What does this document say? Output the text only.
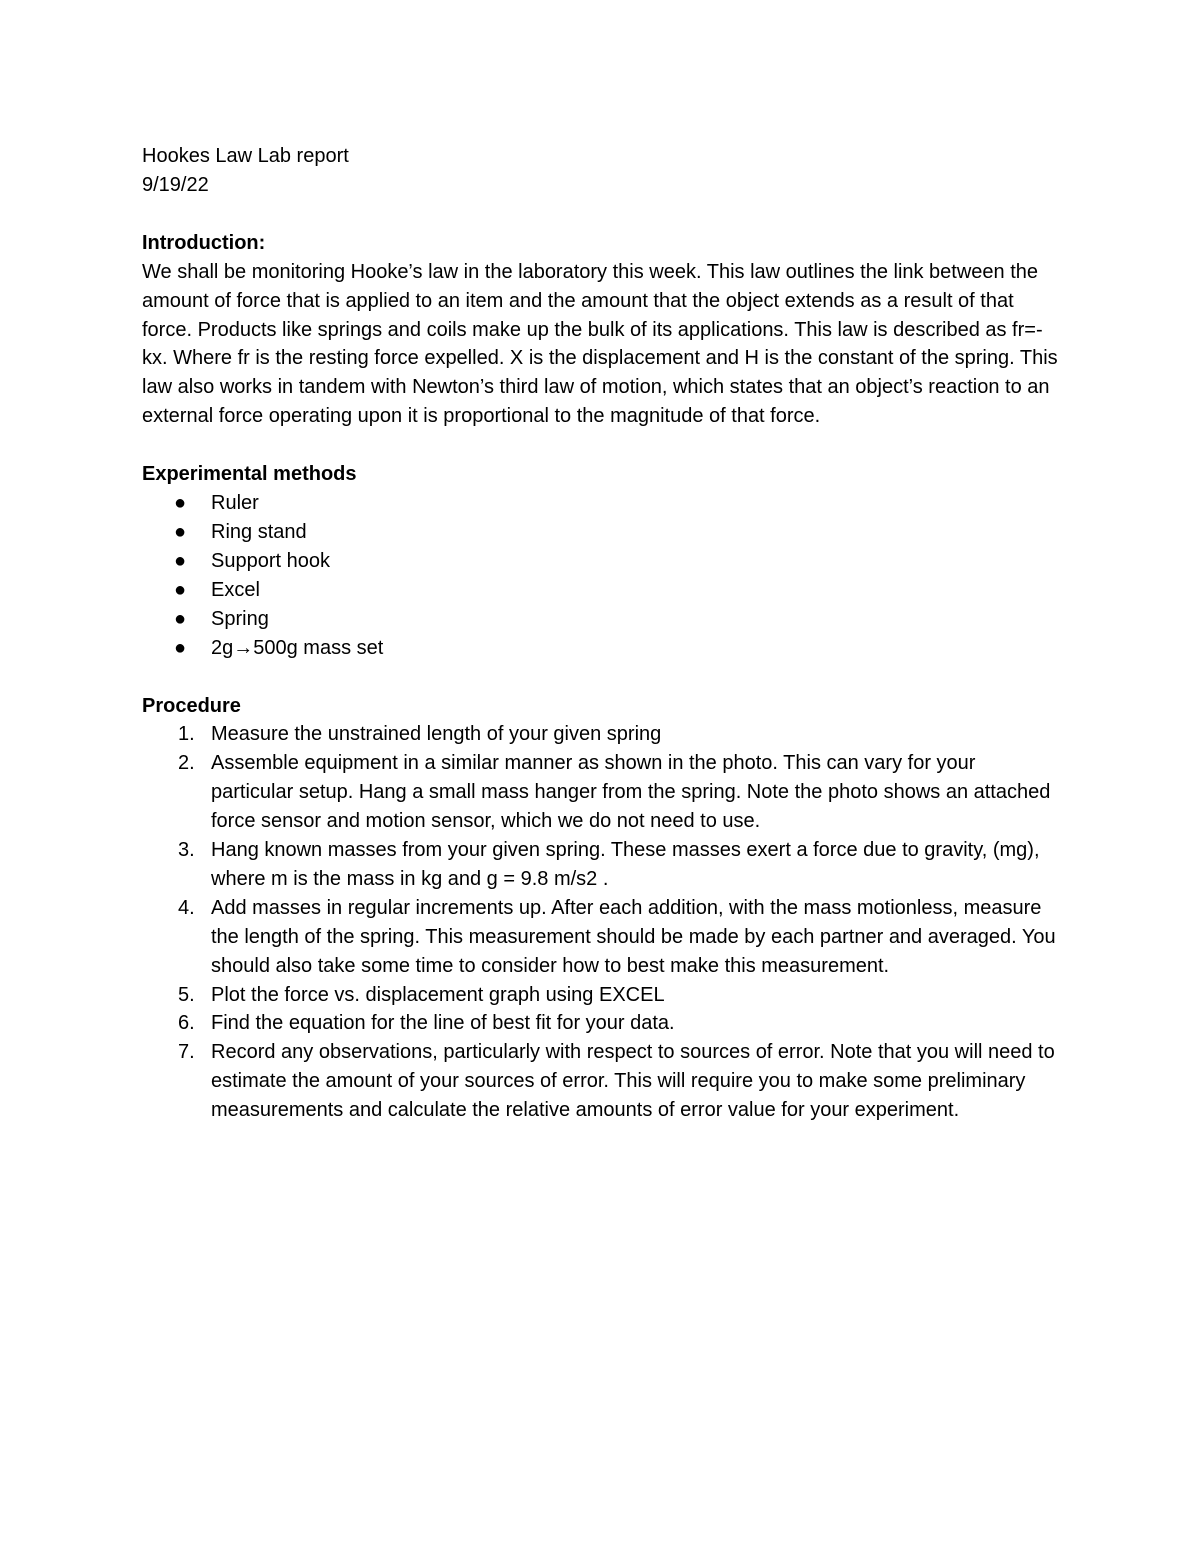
Hookes Law Lab report

9/19/22

Introduction:

We shall be monitoring Hooke’s law in the laboratory this week. This law outlines the link between the amount of force that is applied to an item and the amount that the object extends as a result of that force. Products like springs and coils make up the bulk of its applications. This law is described as fr=-kx. Where fr is the resting force expelled. X is the displacement and H is the constant of the spring. This law also works in tandem with Newton’s third law of motion, which states that an object’s reaction to an external force operating upon it is proportional to the magnitude of that force.

Experimental methods

● Ruler
● Ring stand
● Support hook
● Excel
● Spring
● 2g→500g mass set

Procedure

1. Measure the unstrained length of your given spring
2. Assemble equipment in a similar manner as shown in the photo. This can vary for your particular setup. Hang a small mass hanger from the spring. Note the photo shows an attached force sensor and motion sensor, which we do not need to use.
3. Hang known masses from your given spring. These masses exert a force due to gravity, (mg), where m is the mass in kg and g = 9.8 m/s2 .
4. Add masses in regular increments up. After each addition, with the mass motionless, measure the length of the spring. This measurement should be made by each partner and averaged. You should also take some time to consider how to best make this measurement.
5. Plot the force vs. displacement graph using EXCEL
6. Find the equation for the line of best fit for your data.
7. Record any observations, particularly with respect to sources of error. Note that you will need to estimate the amount of your sources of error. This will require you to make some preliminary measurements and calculate the relative amounts of error value for your experiment.
